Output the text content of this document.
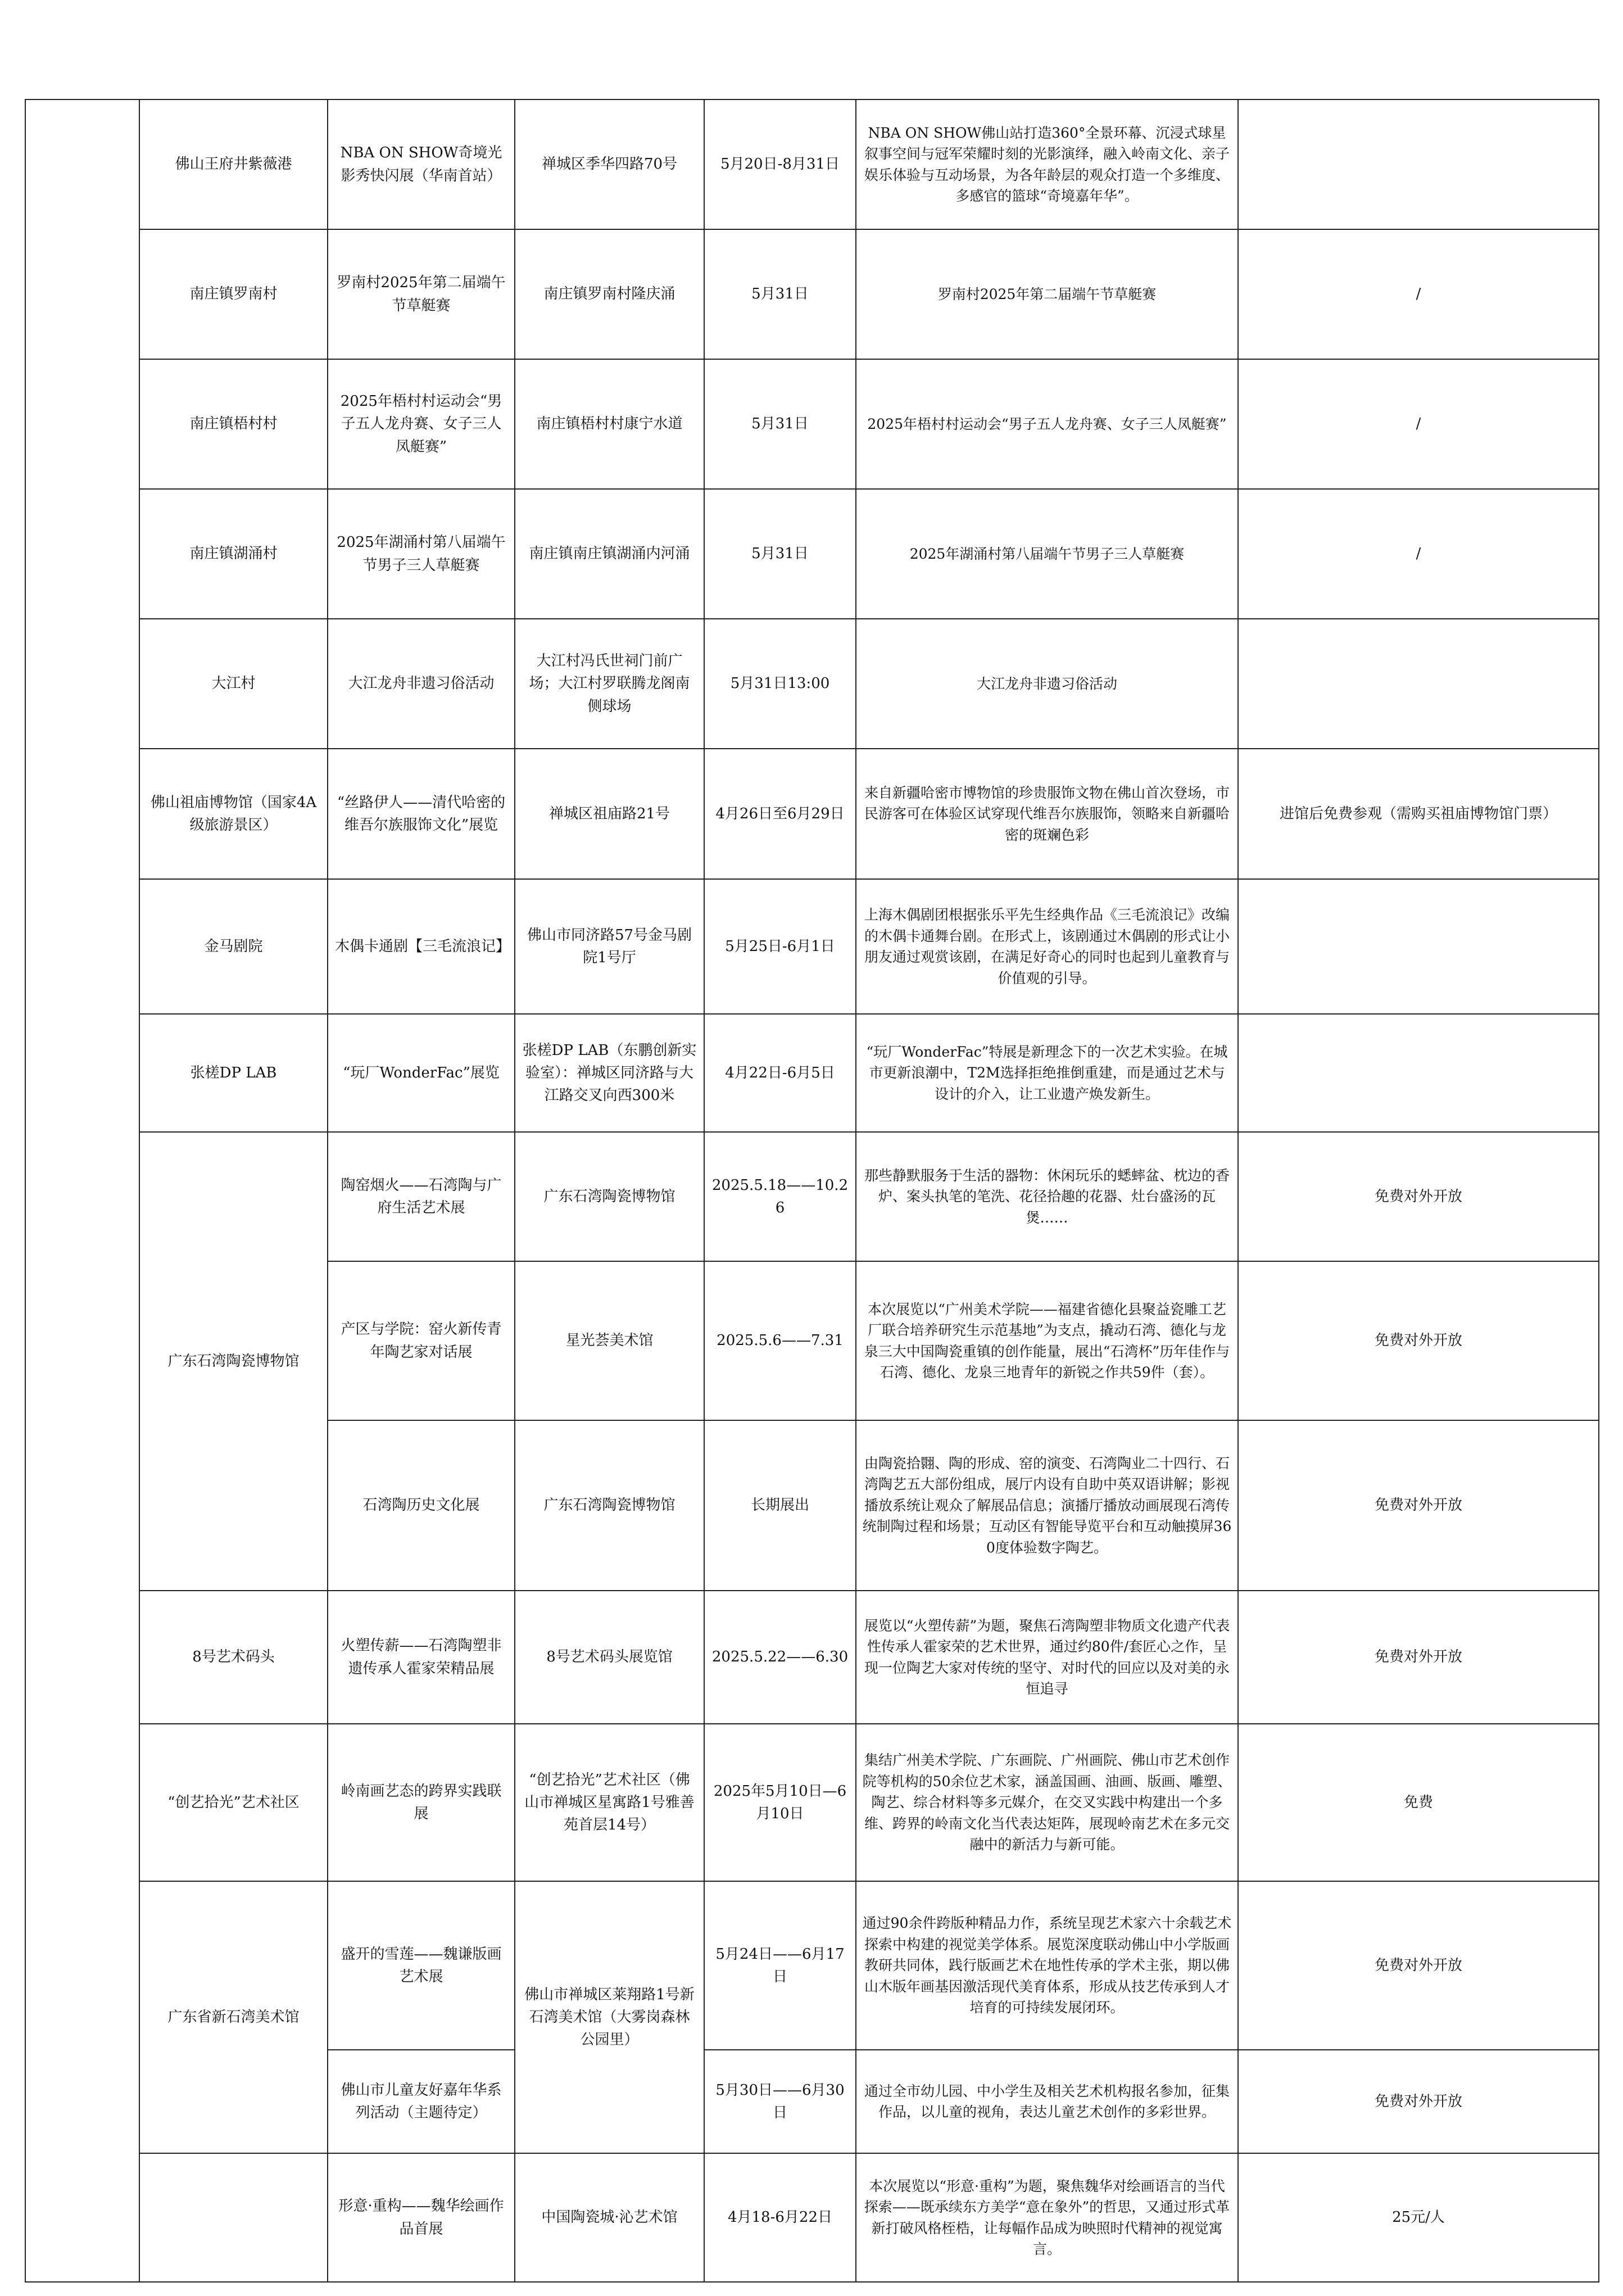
	佛山王府井紫薇港	NBA ON SHOW奇境光影秀快闪展（华南首站）	禅城区季华四路70号	5月20日-8月31日	NBA ON SHOW佛山站打造360°全景环幕、沉浸式球星叙事空间与冠军荣耀时刻的光影演绎，融入岭南文化、亲子娱乐体验与互动场景，为各年龄层的观众打造一个多维度、多感官的篮球“奇境嘉年华”。	
	南庄镇罗南村	罗南村2025年第二届端午节草艇赛	南庄镇罗南村隆庆涌	5月31日	罗南村2025年第二届端午节草艇赛	/
	南庄镇梧村村	2025年梧村村运动会“男子五人龙舟赛、女子三人凤艇赛”	南庄镇梧村村康宁水道	5月31日	2025年梧村村运动会“男子五人龙舟赛、女子三人凤艇赛”	/
	南庄镇湖涌村	2025年湖涌村第八届端午节男子三人草艇赛	南庄镇南庄镇湖涌内河涌	5月31日	2025年湖涌村第八届端午节男子三人草艇赛	/
	大江村	大江龙舟非遗习俗活动	大江村冯氏世祠门前广场；大江村罗联腾龙阁南侧球场	5月31日13:00	大江龙舟非遗习俗活动	
	佛山祖庙博物馆（国家4A级旅游景区）	“丝路伊人——清代哈密的维吾尔族服饰文化”展览	禅城区祖庙路21号	4月26日至6月29日	来自新疆哈密市博物馆的珍贵服饰文物在佛山首次登场，市民游客可在体验区试穿现代维吾尔族服饰，领略来自新疆哈密的斑斓色彩	进馆后免费参观（需购买祖庙博物馆门票）
	金马剧院	木偶卡通剧【三毛流浪记】	佛山市同济路57号金马剧院1号厅	5月25日-6月1日	上海木偶剧团根据张乐平先生经典作品《三毛流浪记》改编的木偶卡通舞台剧。在形式上，该剧通过木偶剧的形式让小朋友通过观赏该剧，在满足好奇心的同时也起到儿童教育与价值观的引导。	
	张槎DP LAB	“玩厂WonderFac”展览	张槎DP LAB（东鹏创新实验室）：禅城区同济路与大江路交叉向西300米	4月22日-6月5日	“玩厂WonderFac”特展是新理念下的一次艺术实验。在城市更新浪潮中，T2M选择拒绝推倒重建，而是通过艺术与设计的介入，让工业遗产焕发新生。	
	广东石湾陶瓷博物馆	陶窑烟火——石湾陶与广府生活艺术展	广东石湾陶瓷博物馆	2025.5.18——10.26	那些静默服务于生活的器物：休闲玩乐的蟋蟀盆、枕边的香炉、案头执笔的笔洗、花径拾趣的花器、灶台盛汤的瓦煲……	免费对外开放
		产区与学院：窑火新传青年陶艺家对话展	星光荟美术馆	2025.5.6——7.31	本次展览以“广州美术学院——福建省德化县聚益瓷雕工艺厂联合培养研究生示范基地”为支点，撬动石湾、德化与龙泉三大中国陶瓷重镇的创作能量，展出“石湾杯”历年佳作与石湾、德化、龙泉三地青年的新锐之作共59件（套）。	免费对外开放
		石湾陶历史文化展	广东石湾陶瓷博物馆	长期展出	由陶瓷拾翾、陶的形成、窑的演变、石湾陶业二十四行、石湾陶艺五大部份组成，展厅内设有自助中英双语讲解；影视播放系统让观众了解展品信息；演播厅播放动画展现石湾传统制陶过程和场景；互动区有智能导览平台和互动触摸屏360度体验数字陶艺。	免费对外开放
	8号艺术码头	火塑传薪——石湾陶塑非遗传承人霍家荣精品展	8号艺术码头展览馆	2025.5.22——6.30	展览以“火塑传薪”为题，聚焦石湾陶塑非物质文化遗产代表性传承人霍家荣的艺术世界，通过约80件/套匠心之作，呈现一位陶艺大家对传统的坚守、对时代的回应以及对美的永恒追寻	免费对外开放
	“创艺拾光”艺术社区	岭南画艺态的跨界实践联展	“创艺拾光”艺术社区（佛山市禅城区星寓路1号雅善苑首层14号）	2025年5月10日—6月10日	集结广州美术学院、广东画院、广州画院、佛山市艺术创作院等机构的50余位艺术家，涵盖国画、油画、版画、雕塑、陶艺、综合材料等多元媒介，在交叉实践中构建出一个多维、跨界的岭南文化当代表达矩阵，展现岭南艺术在多元交融中的新活力与新可能。	免费
	广东省新石湾美术馆	盛开的雪莲——魏谦版画艺术展	佛山市禅城区莱翔路1号新石湾美术馆（大雾岗森林公园里）	5月24日——6月17日	通过90余件跨版种精品力作，系统呈现艺术家六十余载艺术探索中构建的视觉美学体系。展览深度联动佛山中小学版画教研共同体，践行版画艺术在地性传承的学术主张，期以佛山木版年画基因激活现代美育体系，形成从技艺传承到人才培育的可持续发展闭环。	免费对外开放
		佛山市儿童友好嘉年华系列活动（主题待定）		5月30日——6月30日	通过全市幼儿园、中小学生及相关艺术机构报名参加，征集作品，以儿童的视角，表达儿童艺术创作的多彩世界。	免费对外开放
		形意·重构——魏华绘画作品首展	中国陶瓷城·沁艺术馆	4月18-6月22日	本次展览以“形意·重构”为题，聚焦魏华对绘画语言的当代探索——既承续东方美学“意在象外”的哲思，又通过形式革新打破风格桎梏，让每幅作品成为映照时代精神的视觉寓言。	25元/人
